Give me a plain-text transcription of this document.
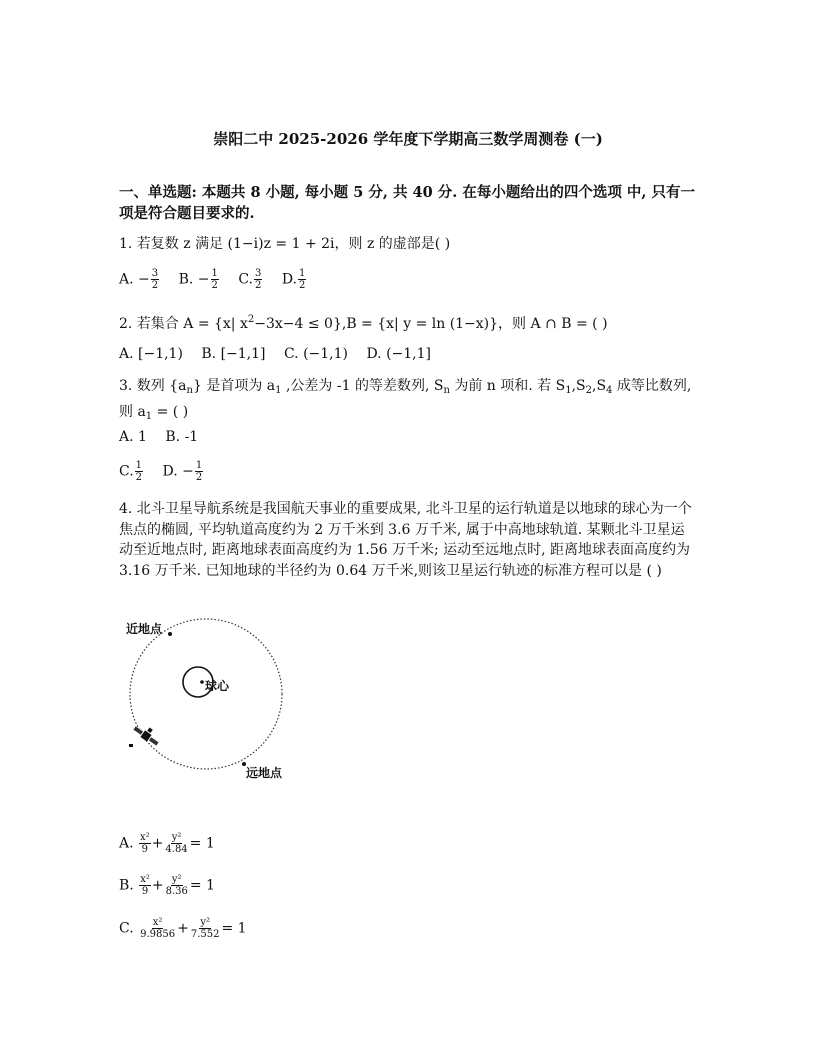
崇阳二中 2025-2026 学年度下学期高三数学周测卷 (一)
一、单选题: 本题共 8 小题, 每小题 5 分, 共 40 分. 在每小题给出的四个选项 中, 只有一项是符合题目要求的.
1. 若复数 z 满足 (1−i)z = 1 + 2i，则 z 的虚部是( )
A. − $\frac{3}{2} B$. − $\frac{1}{2} C$. $\frac{3}{2} D$. $\frac{1}{2}$
2. 若集合 A = {x| $x^2-3x-4 \le 0\},B = \{x|$ y = ln (1−x)}，则 A ∩ B = ( )
A. [−1,1) B. [−1,1] C. (−1,1) D. (−1,1]
3. 数列 $\{a_n\}$ 是首项为 $a_1$ ,公差为 -1 的等差数列, $S_n$ 为前 n 项和. 若 $S_1,S_2,S_4$ 成等比数列, 则 $a_1$ = ( )
A. 1 B. -1
C. $\frac{1}{2} D$. − $\frac{1}{2}$
4. 北斗卫星导航系统是我国航天事业的重要成果, 北斗卫星的运行轨道是以地球的球心为一个焦点的椭圆, 平均轨道高度约为 2 万千米到 3.6 万千米, 属于中高地球轨道. 某颗北斗卫星运动至近地点时, 距离地球表面高度约为 1.56 万千米; 运动至远地点时, 距离地球表面高度约为 3.16 万千米. 已知地球的半径约为 0.64 万千米,则该卫星运行轨迹的标准方程可以是 ( )
近地点
球心
远地点
A. $\frac{\text{x²}}{9} + \frac{\text{y²}}{4.84} = 1$
B. $\frac{\text{x²}}{9} + \frac{\text{y²}}{8.36} = 1$
C. $\frac{\text{x²}}{9.9856} + \frac{\text{y²}}{7.552} = 1$
